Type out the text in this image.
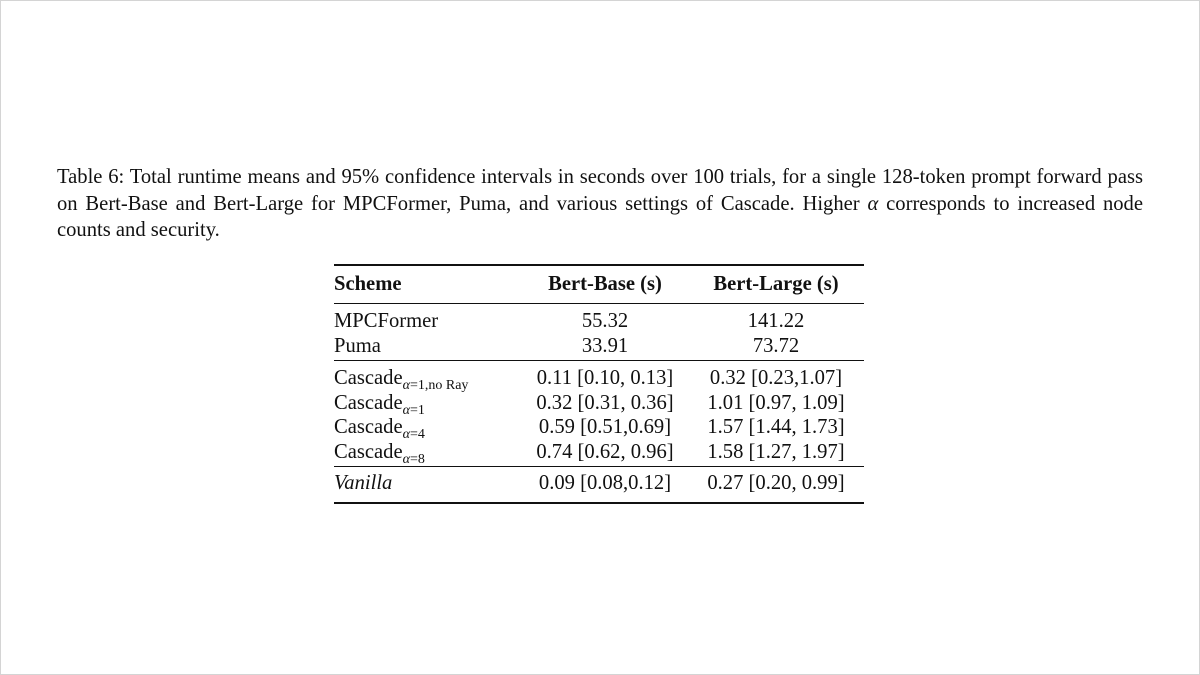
Table 6: Total runtime means and 95% confidence intervals in seconds over 100 trials, for a single 128-token prompt forward pass on Bert-Base and Bert-Large for MPCFormer, Puma, and various settings of Cascade. Higher α corresponds to increased node counts and security.

Scheme	Bert-Base (s)	Bert-Large (s)
MPCFormer	55.32	141.22
Puma	33.91	73.72
Cascade$_{\alpha=1,no Ray}$	0.11 [0.10, 0.13]	0.32 [0.23,1.07]
Cascade$_{\alpha=1}$	0.32 [0.31, 0.36]	1.01 [0.97, 1.09]
Cascade$_{\alpha=4}$	0.59 [0.51,0.69]	1.57 [1.44, 1.73]
Cascade$_{\alpha=8}$	0.74 [0.62, 0.96]	1.58 [1.27, 1.97]
Vanilla	0.09 [0.08,0.12]	0.27 [0.20, 0.99]
